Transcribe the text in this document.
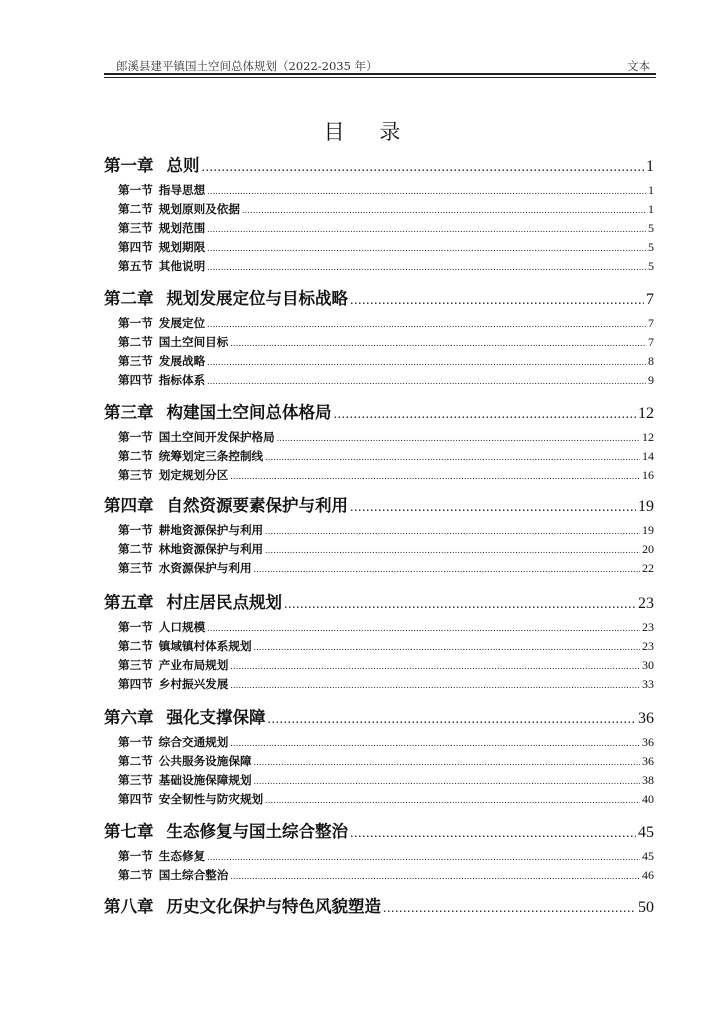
郎溪县建平镇国土空间总体规划（2022-2035 年）	文本
目 录
第一章 总则 .....	1
第一节 指导思想 .....	1
第二节 规划原则及依据 .....	1
第三节 规划范围 .....	5
第四节 规划期限 .....	5
第五节 其他说明 .....	5
第二章 规划发展定位与目标战略 .....	7
第一节 发展定位 .....	7
第二节 国土空间目标 .....	7
第三节 发展战略 .....	8
第四节 指标体系 .....	9
第三章 构建国土空间总体格局 .....	12
第一节 国土空间开发保护格局 .....	12
第二节 统筹划定三条控制线 .....	14
第三节 划定规划分区 .....	16
第四章 自然资源要素保护与利用 .....	19
第一节 耕地资源保护与利用 .....	19
第二节 林地资源保护与利用 .....	20
第三节 水资源保护与利用 .....	22
第五章 村庄居民点规划 .....	23
第一节 人口规模 .....	23
第二节 镇域镇村体系规划 .....	23
第三节 产业布局规划 .....	30
第四节 乡村振兴发展 .....	33
第六章 强化支撑保障 .....	36
第一节 综合交通规划 .....	36
第二节 公共服务设施保障 .....	36
第三节 基础设施保障规划 .....	38
第四节 安全韧性与防灾规划 .....	40
第七章 生态修复与国土综合整治 .....	45
第一节 生态修复 .....	45
第二节 国土综合整治 .....	46
第八章 历史文化保护与特色风貌塑造 .....	50
